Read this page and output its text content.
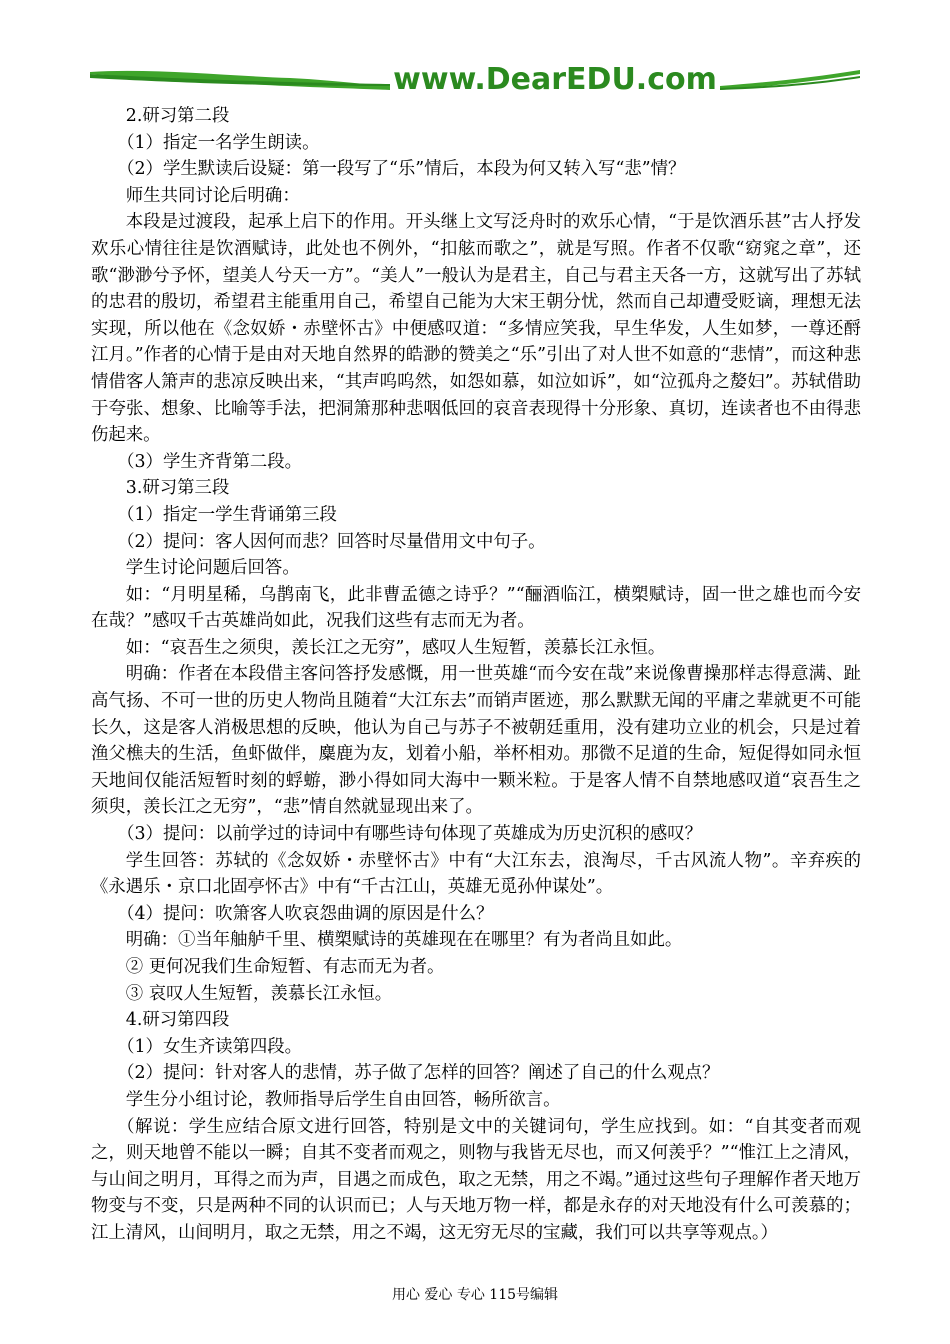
www.DearEDU.com

2.研习第二段

（1）指定一名学生朗读。

（2）学生默读后设疑：第一段写了“乐”情后，本段为何又转入写“悲”情？

师生共同讨论后明确：

本段是过渡段，起承上启下的作用。开头继上文写泛舟时的欢乐心情，“于是饮酒乐甚”古人抒发欢乐心情往往是饮酒赋诗，此处也不例外，“扣舷而歌之”，就是写照。作者不仅歌“窈窕之章”，还歌“渺渺兮予怀，望美人兮天一方”。“美人”一般认为是君主，自己与君主天各一方，这就写出了苏轼的忠君的殷切，希望君主能重用自己，希望自己能为大宋王朝分忧，然而自己却遭受贬谪，理想无法实现，所以他在《念奴娇・赤壁怀古》中便感叹道：“多情应笑我，早生华发，人生如梦，一尊还酹江月。”作者的心情于是由对天地自然界的皓渺的赞美之“乐”引出了对人世不如意的“悲情”，而这种悲情借客人箫声的悲凉反映出来，“其声呜呜然，如怨如慕，如泣如诉”，如“泣孤舟之嫠妇”。苏轼借助于夸张、想象、比喻等手法，把洞箫那种悲咽低回的哀音表现得十分形象、真切，连读者也不由得悲伤起来。

（3）学生齐背第二段。

3.研习第三段

（1）指定一学生背诵第三段

（2）提问：客人因何而悲？回答时尽量借用文中句子。

学生讨论问题后回答。

如：“月明星稀，乌鹊南飞，此非曹孟德之诗乎？”“酾酒临江，横槊赋诗，固一世之雄也而今安在哉？”感叹千古英雄尚如此，况我们这些有志而无为者。

如：“哀吾生之须臾，羡长江之无穷”，感叹人生短暂，羡慕长江永恒。

明确：作者在本段借主客问答抒发感慨，用一世英雄“而今安在哉”来说像曹操那样志得意满、趾高气扬、不可一世的历史人物尚且随着“大江东去”而销声匿迹，那么默默无闻的平庸之辈就更不可能长久，这是客人消极思想的反映，他认为自己与苏子不被朝廷重用，没有建功立业的机会，只是过着渔父樵夫的生活，鱼虾做伴，麋鹿为友，划着小船，举杯相劝。那微不足道的生命，短促得如同永恒天地间仅能活短暂时刻的蜉蝣，渺小得如同大海中一颗米粒。于是客人情不自禁地感叹道“哀吾生之须臾，羡长江之无穷”，“悲”情自然就显现出来了。

（3）提问：以前学过的诗词中有哪些诗句体现了英雄成为历史沉积的感叹？

学生回答：苏轼的《念奴娇・赤壁怀古》中有“大江东去，浪淘尽，千古风流人物”。辛弃疾的《永遇乐・京口北固亭怀古》中有“千古江山，英雄无觅孙仲谋处”。

（4）提问：吹箫客人吹哀怨曲调的原因是什么？

明确：①当年舳舻千里、横槊赋诗的英雄现在在哪里？有为者尚且如此。

② 更何况我们生命短暂、有志而无为者。

③ 哀叹人生短暂，羡慕长江永恒。

4.研习第四段

（1）女生齐读第四段。

（2）提问：针对客人的悲情，苏子做了怎样的回答？阐述了自己的什么观点？

学生分小组讨论，教师指导后学生自由回答，畅所欲言。

（解说：学生应结合原文进行回答，特别是文中的关键词句，学生应找到。如：“自其变者而观之，则天地曾不能以一瞬；自其不变者而观之，则物与我皆无尽也，而又何羡乎？”“惟江上之清风，与山间之明月，耳得之而为声，目遇之而成色，取之无禁，用之不竭。”通过这些句子理解作者天地万物变与不变，只是两种不同的认识而已；人与天地万物一样，都是永存的对天地没有什么可羡慕的；江上清风，山间明月，取之无禁，用之不竭，这无穷无尽的宝藏，我们可以共享等观点。）

用心 爱心 专心 115号编辑
